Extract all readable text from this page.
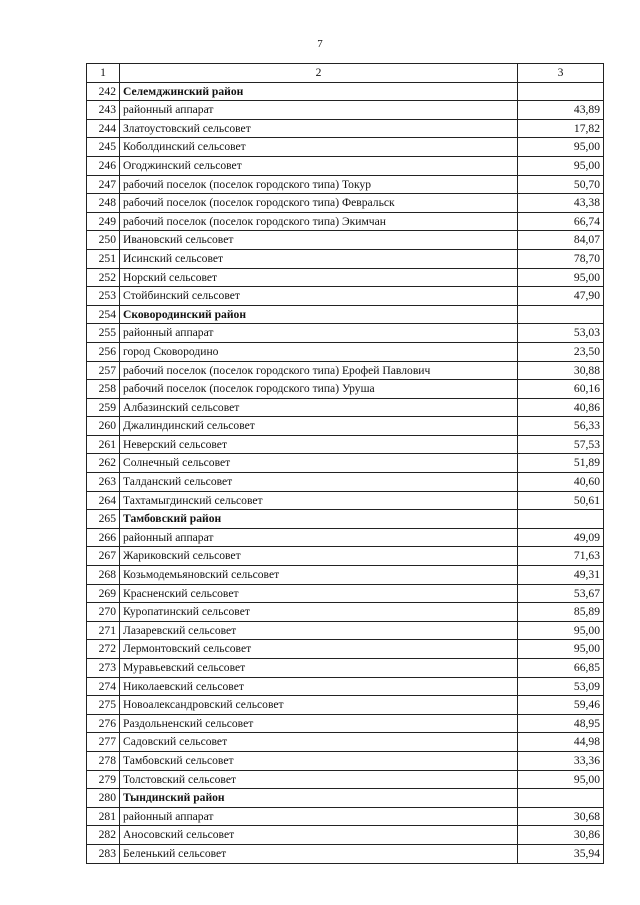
7
1	2	3
242	Селемджинский район	
243	районный аппарат	43,89
244	Златоустовский сельсовет	17,82
245	Коболдинский сельсовет	95,00
246	Огоджинский сельсовет	95,00
247	рабочий поселок (поселок городского типа) Токур	50,70
248	рабочий поселок (поселок городского типа) Февральск	43,38
249	рабочий поселок (поселок городского типа) Экимчан	66,74
250	Ивановский сельсовет	84,07
251	Исинский сельсовет	78,70
252	Норский сельсовет	95,00
253	Стойбинский сельсовет	47,90
254	Сковородинский район	
255	районный аппарат	53,03
256	город Сковородино	23,50
257	рабочий поселок (поселок городского типа) Ерофей Павлович	30,88
258	рабочий поселок (поселок городского типа) Уруша	60,16
259	Албазинский сельсовет	40,86
260	Джалиндинский сельсовет	56,33
261	Неверский сельсовет	57,53
262	Солнечный сельсовет	51,89
263	Талданский сельсовет	40,60
264	Тахтамыгдинский сельсовет	50,61
265	Тамбовский район	
266	районный аппарат	49,09
267	Жариковский сельсовет	71,63
268	Козьмодемьяновский сельсовет	49,31
269	Красненский сельсовет	53,67
270	Куропатинский сельсовет	85,89
271	Лазаревский сельсовет	95,00
272	Лермонтовский сельсовет	95,00
273	Муравьевский сельсовет	66,85
274	Николаевский сельсовет	53,09
275	Новоалександровский сельсовет	59,46
276	Раздольненский сельсовет	48,95
277	Садовский сельсовет	44,98
278	Тамбовский сельсовет	33,36
279	Толстовский сельсовет	95,00
280	Тындинский район	
281	районный аппарат	30,68
282	Аносовский сельсовет	30,86
283	Беленький сельсовет	35,94
